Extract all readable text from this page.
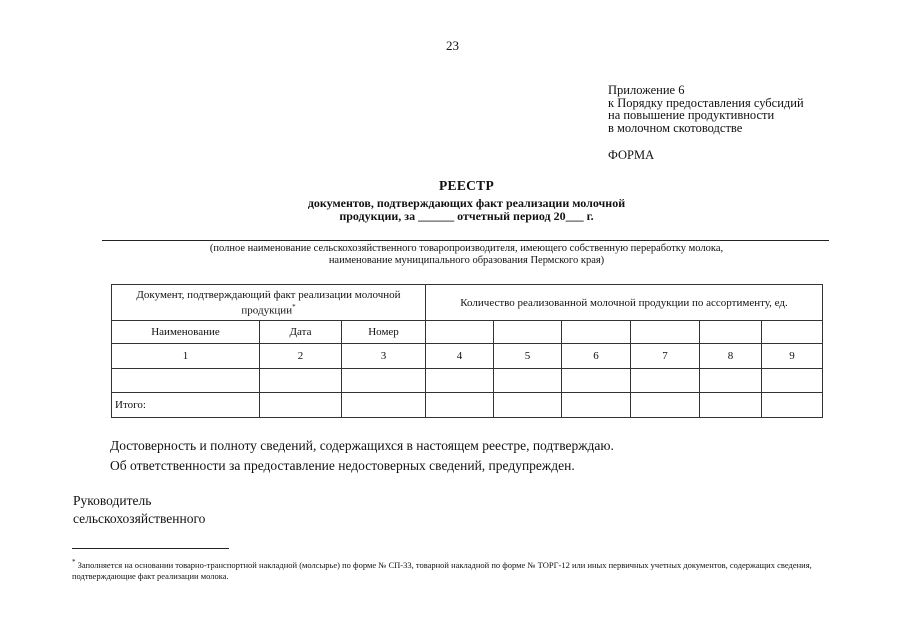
23
Приложение 6
к Порядку предоставления субсидий
на повышение продуктивности
в молочном скотоводстве
ФОРМА
РЕЕСТР
документов, подтверждающих факт реализации молочной
продукции, за ______ отчетный период 20___ г.
(полное наименование сельскохозяйственного товаропроизводителя, имеющего собственную переработку молока,
наименование муниципального образования Пермского края)
Документ, подтверждающий факт реализации молочной продукции*			Количество реализованной молочной продукции по ассортименту, ед.					
Наименование	Дата	Номер						
1	2	3	4	5	6	7	8	9

Итого:								
Достоверность и полноту сведений, содержащихся в настоящем реестре, подтверждаю.
Об ответственности за предоставление недостоверных сведений, предупрежден.
Руководитель
сельскохозяйственного
* Заполняется на основании товарно-транспортной накладной (молсырье) по форме № СП-33, товарной накладной по форме № ТОРГ-12 или иных первичных учетных документов, содержащих сведения, подтверждающие факт реализации молока.
